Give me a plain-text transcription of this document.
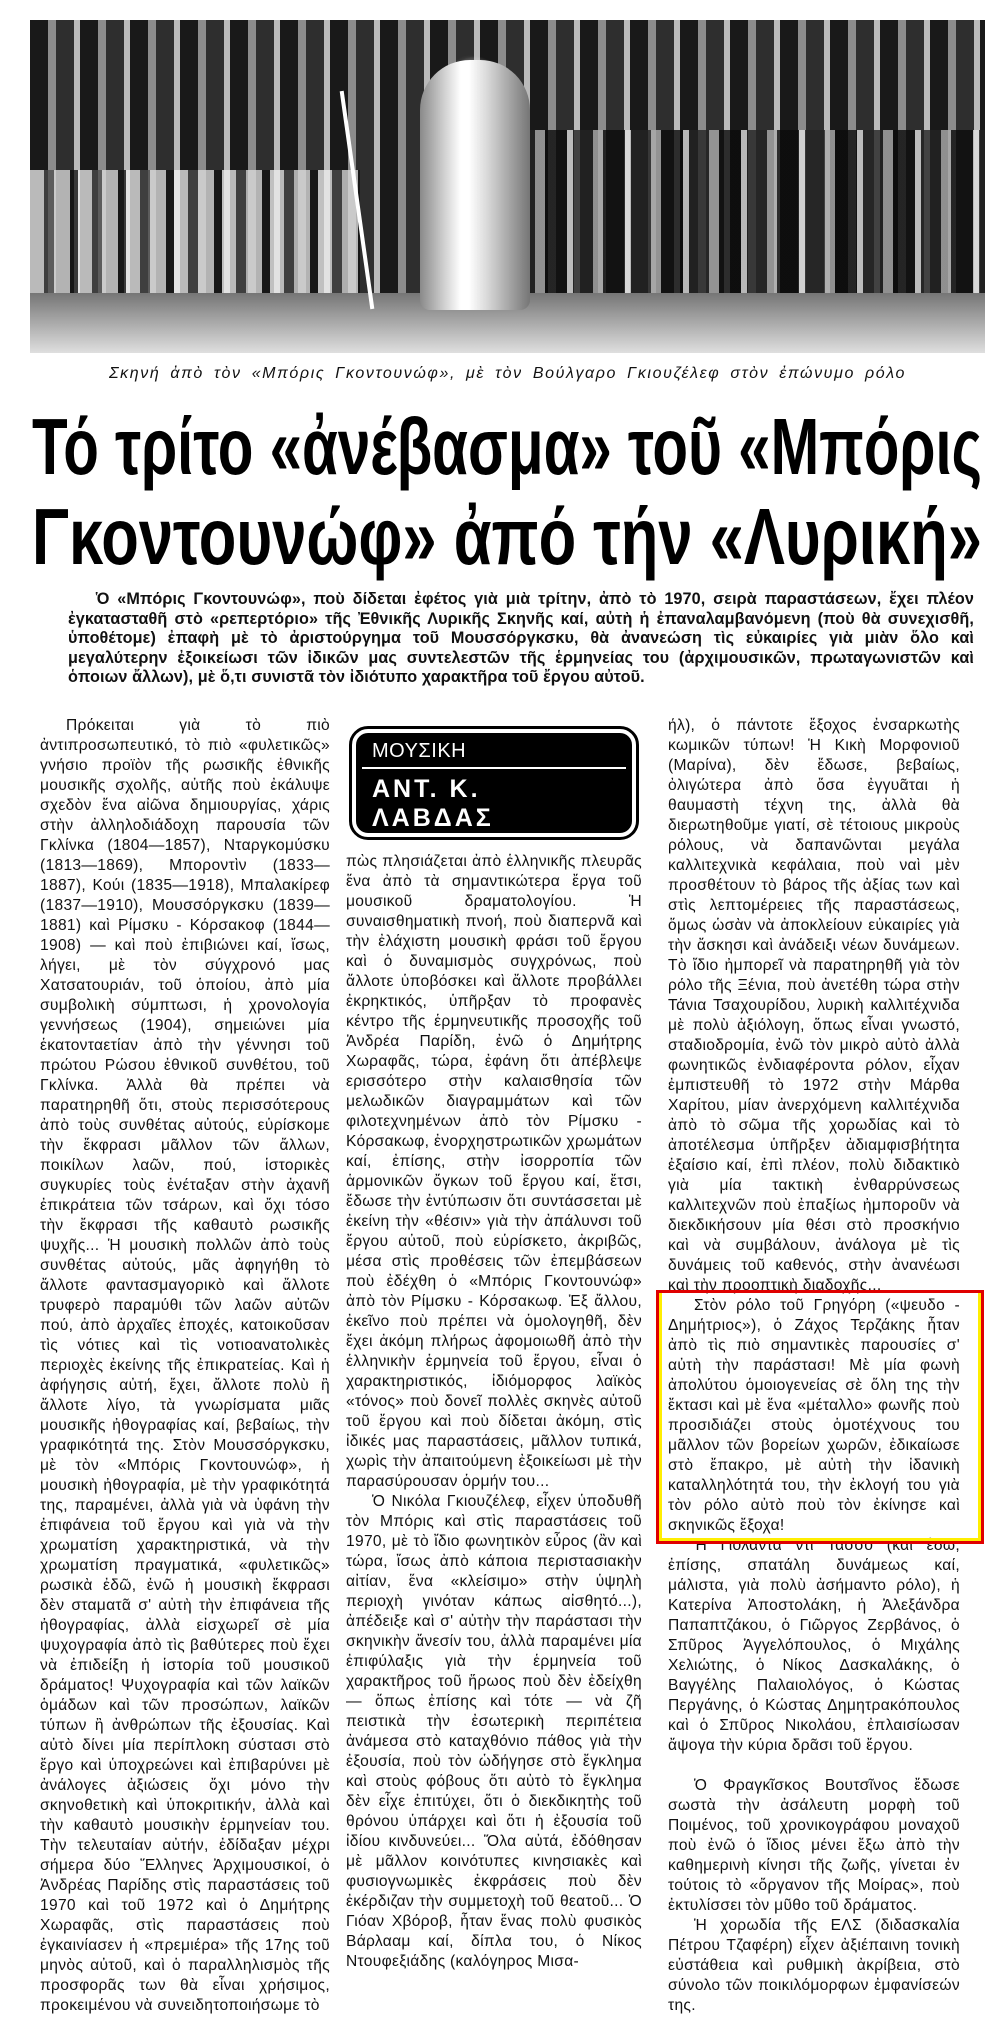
Σκηνή ἀπὸ τὸν «Μπόρις Γκοντουνώφ», μὲ τὸν Βούλγαρο Γκιουζέλεφ στὸν ἐπώνυμο ρόλο
Τό τρίτο «ἀνέβασμα» τοῦ «Μπόρις
Γκοντουνώφ» ἀπό τήν «Λυρική»

Ὁ «Μπόρις Γκοντουνώφ», ποὺ δίδεται ἐφέτος γιὰ μιὰ τρίτην, ἀπὸ τὸ 1970, σειρὰ παραστάσεων, ἔχει πλέον ἐγκατασταθῆ στὸ «ρεπερτόριο» τῆς Ἐθνικῆς Λυρικῆς Σκηνῆς καί, αὐτὴ ἡ ἐπαναλαμβανόμενη (ποὺ θὰ συνεχισθῆ, ὑποθέτομε) ἐπαφὴ μὲ τὸ ἀριστούργημα τοῦ Μουσσόργκσκυ, θὰ ἀνανεώση τὶς εὐκαιρίες γιὰ μιὰν ὅλο καὶ μεγαλύτερην ἐξοικείωσι τῶν ἰδικῶν μας συντελεστῶν τῆς ἑρμηνείας του (ἀρχιμουσικῶν, πρωταγωνιστῶν καὶ ὁποιων ἄλλων), μὲ ὅ,τι συνιστᾶ τὸν ἰδιότυπο χαρακτῆρα τοῦ ἔργου αὐτοῦ.

Πρόκειται γιὰ τὸ πιὸ ἀντιπροσωπευτικό, τὸ πιὸ «φυλετικῶς» γνήσιο προϊὸν τῆς ρωσικῆς ἐθνικῆς μουσικῆς σχολῆς, αὐτῆς ποὺ ἐκάλυψε σχεδὸν ἕνα αἰῶνα δημιουργίας, χάρις στὴν ἀλληλοδιάδοχη παρουσία τῶν Γκλίνκα (1804—1857), Νταργκομύσκυ (1813—1869), Μποροντὶν (1833—1887), Κούι (1835—1918), Μπαλακίρεφ (1837—1910), Μουσσόργκσκυ (1839—1881) καὶ Ρίμσκυ - Κόρσακοφ (1844—1908) — καὶ ποὺ ἐπιβιώνει καί, ἴσως, λήγει, μὲ τὸν σύγχρονό μας Χατσατουριάν, τοῦ ὁποίου, ἀπὸ μία συμβολικὴ σύμπτωσι, ἡ χρονολογία γεννήσεως (1904), σημειώνει μία ἑκατονταετίαν ἀπὸ τὴν γέννησι τοῦ πρώτου Ρώσου ἐθνικοῦ συνθέτου, τοῦ Γκλίνκα. Ἀλλὰ θὰ πρέπει νὰ παρατηρηθῆ ὅτι, στοὺς περισσότερους ἀπὸ τοὺς συνθέτας αὐτούς, εὑρίσκομε τὴν ἔκφρασι μᾶλλον τῶν ἄλλων, ποικίλων λαῶν, πού, ἱστορικὲς συγκυρίες τοὺς ἐνέταξαν στὴν ἀχανῆ ἐπικράτεια τῶν τσάρων, καὶ ὄχι τόσο τὴν ἔκφρασι τῆς καθαυτὸ ρωσικῆς ψυχῆς... Ἡ μουσικὴ πολλῶν ἀπὸ τοὺς συνθέτας αὐτούς, μᾶς ἀφηγήθη τὸ ἄλλοτε φαντασμαγορικὸ καὶ ἄλλοτε τρυφερὸ παραμύθι τῶν λαῶν αὐτῶν πού, ἀπὸ ἀρχαῖες ἐποχές, κατοικοῦσαν τὶς νότιες καὶ τὶς νοτιοανατολικὲς περιοχὲς ἐκείνης τῆς ἐπικρατείας. Καὶ ἡ ἀφήγησις αὐτή, ἔχει, ἄλλοτε πολὺ ἢ ἄλλοτε λίγο, τὰ γνωρίσματα μιᾶς μουσικῆς ἠθογραφίας καί, βεβαίως, τὴν γραφικότητά της. Στὸν Μουσσόργκσκυ, μὲ τὸν «Μπόρις Γκοντουνώφ», ἡ μουσικὴ ἠθογραφία, μὲ τὴν γραφικότητά της, παραμένει, ἀλλὰ γιὰ νὰ ὑφάνη τὴν ἐπιφάνεια τοῦ ἔργου καὶ γιὰ νὰ τὴν χρωματίση χαρακτηριστικά, νὰ τὴν χρωματίση πραγματικά, «φυλετικῶς» ρωσικὰ ἐδῶ, ἐνῶ ἡ μουσικὴ ἔκφρασι δὲν σταματᾶ σ' αὐτὴ τὴν ἐπιφάνεια τῆς ἠθογραφίας, ἀλλὰ εἰσχωρεῖ σὲ μία ψυχογραφία ἀπὸ τὶς βαθύτερες ποὺ ἔχει νὰ ἐπιδείξη ἡ ἱστορία τοῦ μουσικοῦ δράματος! Ψυχογραφία καὶ τῶν λαϊκῶν ὁμάδων καὶ τῶν προσώπων, λαϊκῶν τύπων ἢ ἀνθρώπων τῆς ἐξουσίας. Καὶ αὐτὸ δίνει μία περίπλοκη σύστασι στὸ ἔργο καὶ ὑποχρεώνει καὶ ἐπιβαρύνει μὲ ἀνάλογες ἀξιώσεις ὄχι μόνο τὴν σκηνοθετικὴ καὶ ὑποκριτικήν, ἀλλὰ καὶ τὴν καθαυτὸ μουσικὴν ἑρμηνείαν του. Τὴν τελευταίαν αὐτήν, ἐδίδαξαν μέχρι σήμερα δύο Ἕλληνες Ἀρχιμουσικοί, ὁ Ἀνδρέας Παρίδης στὶς παραστάσεις τοῦ 1970 καὶ τοῦ 1972 καὶ ὁ Δημήτρης Χωραφᾶς, στὶς παραστάσεις ποὺ ἐγκαινίασεν ἡ «πρεμιέρα» τῆς 17ης τοῦ μηνὸς αὐτοῦ, καὶ ὁ παραλληλισμὸς τῆς προσφορᾶς των θὰ εἶναι χρήσιμος, προκειμένου νὰ συνειδητοποιήσωμε τὸ

ΜΟΥΣΙΚΗ
ΑΝΤ. Κ.
ΛΑΒΔΑΣ

πὼς πλησιάζεται ἀπὸ ἑλληνικῆς πλευρᾶς ἕνα ἀπὸ τὰ σημαντικώτερα ἔργα τοῦ μουσικοῦ δραματολογίου. Ἡ συναισθηματικὴ πνοή, ποὺ διαπερνᾶ καὶ τὴν ἐλάχιστη μουσικὴ φράσι τοῦ ἔργου καὶ ὁ δυναμισμὸς συγχρόνως, ποὺ ἄλλοτε ὑποβόσκει καὶ ἄλλοτε προβάλλει ἐκρηκτικός, ὑπῆρξαν τὸ προφανὲς κέντρο τῆς ἑρμηνευτικῆς προσοχῆς τοῦ Ἀνδρέα Παρίδη, ἐνῶ ὁ Δημήτρης Χωραφᾶς, τώρα, ἐφάνη ὅτι ἀπέβλεψε ερισσότερο στὴν καλαισθησία τῶν μελωδικῶν διαγραμμάτων καὶ τῶν φιλοτεχνημένων ἀπὸ τὸν Ρίμσκυ - Κόρσακωφ, ἐνορχηστρωτικῶν χρωμάτων καί, ἐπίσης, στὴν ἰσορροπία τῶν ἁρμονικῶν ὄγκων τοῦ ἔργου καί, ἔτσι, ἔδωσε τὴν ἐντύπωσιν ὅτι συντάσσεται μὲ ἐκείνη τὴν «θέσιν» γιὰ τὴν ἀπάλυνσι τοῦ ἔργου αὐτοῦ, ποὺ εὑρίσκετο, ἀκριβῶς, μέσα στὶς προθέσεις τῶν ἐπεμβάσεων ποὺ ἐδέχθη ὁ «Μπόρις Γκοντουνώφ» ἀπὸ τὸν Ρίμσκυ - Κόρσακωφ. Ἐξ ἄλλου, ἐκεῖνο ποὺ πρέπει νὰ ὁμολογηθῆ, δὲν ἔχει ἀκόμη πλήρως ἀφομοιωθῆ ἀπὸ τὴν ἑλληνικὴν ἑρμηνεία τοῦ ἔργου, εἶναι ὁ χαρακτηριστικός, ἰδιόμορφος λαϊκὸς «τόνος» ποὺ δονεῖ πολλὲς σκηνὲς αὐτοῦ τοῦ ἔργου καὶ ποὺ δίδεται ἀκόμη, στὶς ἰδικές μας παραστάσεις, μᾶλλον τυπικά, χωρὶς τὴν ἀπαιτούμενη ἐξοικείωσι μὲ τὴν παρασύρουσαν ὁρμήν του...

Ὁ Νικόλα Γκιουζέλεφ, εἶχεν ὑποδυθῆ τὸν Μπόρις καὶ στὶς παραστάσεις τοῦ 1970, μὲ τὸ ἴδιο φωνητικὸν εὖρος (ἂν καὶ τώρα, ἴσως ἀπὸ κάποια περιστασιακὴν αἰτίαν, ἕνα «κλείσιμο» στὴν ὑψηλὴ περιοχὴ γινόταν κάπως αἰσθητό...), ἀπέδειξε καὶ σ' αὐτὴν τὴν παράστασι τὴν σκηνικὴν ἄνεσίν του, ἀλλὰ παραμένει μία ἐπιφύλαξις γιὰ τὴν ἑρμηνεία τοῦ χαρακτῆρος τοῦ ἥρωος ποὺ δὲν ἐδείχθη — ὅπως ἐπίσης καὶ τότε — νὰ ζῆ πειστικὰ τὴν ἐσωτερικὴ περιπέτεια ἀνάμεσα στὸ καταχθόνιο πάθος γιὰ τὴν ἐξουσία, ποὺ τὸν ὡδήγησε στὸ ἔγκλημα καὶ στοὺς φόβους ὅτι αὐτὸ τὸ ἔγκλημα δὲν εἶχε ἐπιτύχει, ὅτι ὁ διεκδικητὴς τοῦ θρόνου ὑπάρχει καὶ ὅτι ἡ ἐξουσία τοῦ ἰδίου κινδυνεύει... Ὅλα αὐτά, ἐδόθησαν μὲ μᾶλλον κοινότυπες κινησιακὲς καὶ φυσιογνωμικὲς ἐκφράσεις ποὺ δὲν ἐκέρδιζαν τὴν συμμετοχὴ τοῦ θεατοῦ... Ὁ Γιόαν Χβόροβ, ἦταν ἕνας πολὺ φυσικὸς Βάρλααμ καί, δίπλα του, ὁ Νίκος Ντουφεξιάδης (καλόγηρος Μισα-

ήλ), ὁ πάντοτε ἔξοχος ἐνσαρκωτὴς κωμικῶν τύπων! Ἡ Κικὴ Μορφονιοῦ (Μαρίνα), δὲν ἔδωσε, βεβαίως, ὀλιγώτερα ἀπὸ ὅσα ἐγγυᾶται ἡ θαυμαστὴ τέχνη της, ἀλλὰ θὰ διερωτηθοῦμε γιατί, σὲ τέτοιους μικροὺς ρόλους, νὰ δαπανῶνται μεγάλα καλλιτεχνικὰ κεφάλαια, ποὺ ναὶ μὲν προσθέτουν τὸ βάρος τῆς ἀξίας των καὶ στὶς λεπτομέρειες τῆς παραστάσεως, ὅμως ὡσὰν νὰ ἀποκλείουν εὐκαιρίες γιὰ τὴν ἄσκησι καὶ ἀνάδειξι νέων δυνάμεων. Τὸ ἴδιο ἠμπορεῖ νὰ παρατηρηθῆ γιὰ τὸν ρόλο τῆς Ξένια, ποὺ ἀνετέθη τώρα στὴν Τάνια Τσαχουρίδου, λυρικὴ καλλιτέχνιδα μὲ πολὺ ἀξιόλογη, ὅπως εἶναι γνωστό, σταδιοδρομία, ἐνῶ τὸν μικρὸ αὐτὸ ἀλλὰ φωνητικῶς ἐνδιαφέροντα ρόλον, εἶχαν ἐμπιστευθῆ τὸ 1972 στὴν Μάρθα Χαρίτου, μίαν ἀνερχόμενη καλλιτέχνιδα ἀπὸ τὸ σῶμα τῆς χορωδίας καὶ τὸ ἀποτέλεσμα ὑπῆρξεν ἀδιαμφισβήτητα ἐξαίσιο καί, ἐπὶ πλέον, πολὺ διδακτικὸ γιὰ μία τακτικὴ ἐνθαρρύνσεως καλλιτεχνῶν ποὺ ἐπαξίως ἠμποροῦν νὰ διεκδικήσουν μία θέσι στὸ προσκήνιο καὶ νὰ συμβάλουν, ἀνάλογα μὲ τὶς δυνάμεις τοῦ καθενός, στὴν ἀνανέωσι καὶ τὴν προοπτικὴ διαδοχῆς...

Στὸν ρόλο τοῦ Γρηγόρη («ψευδο - Δημήτριος»), ὁ Ζάχος Τερζάκης ἦταν ἀπὸ τὶς πιὸ σημαντικὲς παρουσίες σ' αὐτὴ τὴν παράστασι! Μὲ μία φωνὴ ἀπολύτου ὁμοιογενείας σὲ ὅλη της τὴν ἔκτασι καὶ μὲ ἕνα «μέταλλο» φωνῆς ποὺ προσιδιάζει στοὺς ὁμοτέχνους του μᾶλλον τῶν βορείων χωρῶν, ἐδικαίωσε στὸ ἔπακρο, μὲ αὐτὴ τὴν ἰδανικὴ καταλληλότητά του, τὴν ἐκλογή του γιὰ τὸν ρόλο αὐτὸ ποὺ τὸν ἐκίνησε καὶ σκηνικῶς ἔξοχα!

Ἡ Γιολάντα ντὶ Τάσσο (καὶ ἐδῶ, ἐπίσης, σπατάλη δυνάμεως καί, μάλιστα, γιὰ πολὺ ἀσήμαντο ρόλο), ἡ Κατερίνα Ἀποστολάκη, ἡ Ἀλεξάνδρα Παπαπτζάκου, ὁ Γιῶργος Ζερβάνος, ὁ Σπῦρος Ἀγγελόπουλος, ὁ Μιχάλης Χελιώτης, ὁ Νίκος Δασκαλάκης, ὁ Βαγγέλης Παλαιολόγος, ὁ Κώστας Περγάνης, ὁ Κώστας Δημητρακόπουλος καὶ ὁ Σπῦρος Νικολάου, ἐπλαισίωσαν ἄψογα τὴν κύρια δρᾶσι τοῦ ἔργου.

Ὁ Φραγκῖσκος Βουτσῖνος ἔδωσε σωστὰ τὴν ἀσάλευτη μορφὴ τοῦ Ποιμένος, τοῦ χρονικογράφου μοναχοῦ ποὺ ἐνῶ ὁ ἴδιος μένει ἔξω ἀπὸ τὴν καθημερινὴ κίνησι τῆς ζωῆς, γίνεται ἐν τούτοις τὸ «ὄργανον τῆς Μοίρας», ποὺ ἐκτυλίσσει τὸν μῦθο τοῦ δράματος.

Ἡ χορωδία τῆς ΕΛΣ (διδασκαλία Πέτρου Τζαφέρη) εἶχεν ἀξιέπαινη τονικὴ εὐστάθεια καὶ ρυθμικὴ ἀκρίβεια, στὸ σύνολο τῶν ποικιλόμορφων ἐμφανίσεών της.
